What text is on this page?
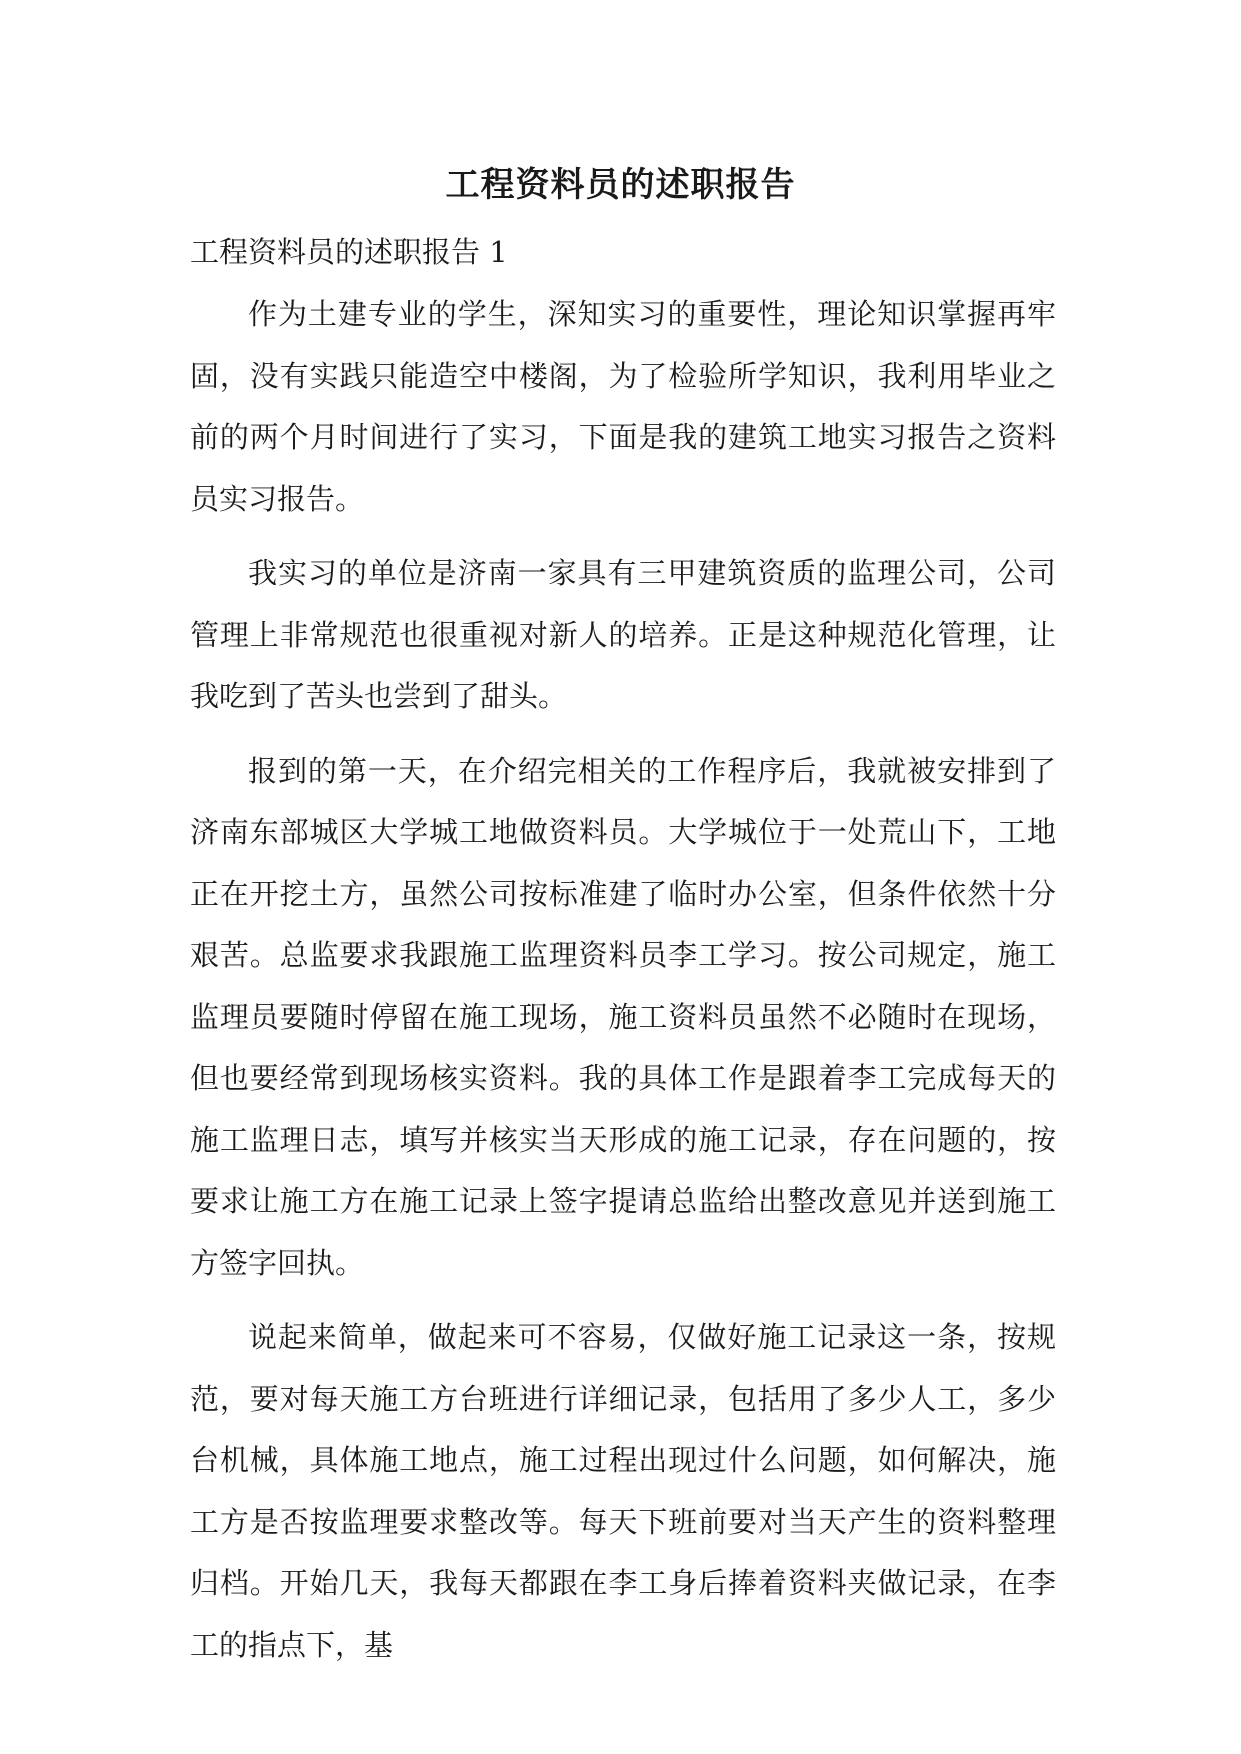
工程资料员的述职报告
工程资料员的述职报告 1

作为土建专业的学生，深知实习的重要性，理论知识掌握再牢固，没有实践只能造空中楼阁，为了检验所学知识，我利用毕业之前的两个月时间进行了实习，下面是我的建筑工地实习报告之资料员实习报告。

我实习的单位是济南一家具有三甲建筑资质的监理公司，公司管理上非常规范也很重视对新人的培养。正是这种规范化管理，让我吃到了苦头也尝到了甜头。

报到的第一天，在介绍完相关的工作程序后，我就被安排到了济南东部城区大学城工地做资料员。大学城位于一处荒山下，工地正在开挖土方，虽然公司按标准建了临时办公室，但条件依然十分艰苦。总监要求我跟施工监理资料员李工学习。按公司规定，施工监理员要随时停留在施工现场，施工资料员虽然不必随时在现场，但也要经常到现场核实资料。我的具体工作是跟着李工完成每天的施工监理日志，填写并核实当天形成的施工记录，存在问题的，按要求让施工方在施工记录上签字提请总监给出整改意见并送到施工方签字回执。

说起来简单，做起来可不容易，仅做好施工记录这一条，按规范，要对每天施工方台班进行详细记录，包括用了多少人工，多少台机械，具体施工地点，施工过程出现过什么问题，如何解决，施工方是否按监理要求整改等。每天下班前要对当天产生的资料整理归档。开始几天，我每天都跟在李工身后捧着资料夹做记录，在李工的指点下，基
